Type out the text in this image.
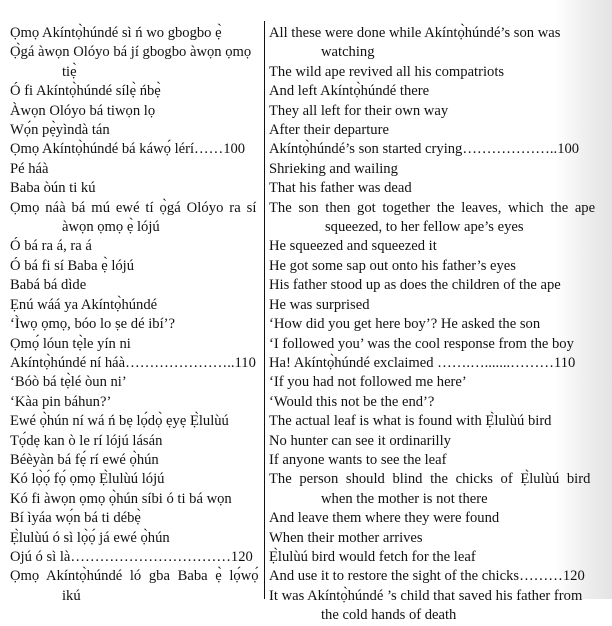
Ọmọ Akíntọ̀húndé sì ń wo gbogbo ẹ̀
Ọ̀gá àwọn Olóyo bá jí gbogbo àwọn ọmọ
tiẹ̀
Ó fi Akíntọ̀húndé sílẹ̀ ńbẹ̀
Àwọn Olóyo bá tiwọn lọ
Wọ́n pẹ̀yìndà tán
Ọmọ Akíntọ̀húndé bá káwọ́ lérí……100
Pé háà
Baba òún ti kú
Ọmọ náà bá mú ewé tí ọ̀gá Olóyo ra sí
àwọn ọmọ ẹ̀ lójú
Ó bá ra á, ra á
Ó bá fi sí Baba ẹ̀ lójú
Babá bá dìde
Ẹnú wáá ya Akíntọ̀húndé
‘Ìwọ ọmọ, bóo lo ṣe dé ibí’?
Ọmọ́ lóun tẹ̀le yín ni
Akíntọ̀húndé ní háà…………………..110
‘Bóò bá tẹ̀lé òun ni’
‘Kàa pin báhun?’
Ewé ọ̀hún ní wá ń bẹ lọ́dọ̀ ẹyẹ Ẹ̀lulùú
Tọ́dẹ kan ò le rí lójú lásán
Béèyàn bá fẹ́ rí ewé ọ̀hún
Kó lọ̀ọ́ fọ́ ọmọ Ẹ̀lulùú lójú
Kó fi àwọn ọmọ ọ̀hún síbi ó ti bá wọn
Bí ìyáa wọ́n bá ti débẹ̀
Ẹ̀lulùú ó sì lọ̀ọ́ já ewé ọ̀hún
Ojú ó sì là……………………………120
Ọmọ Akíntọ̀húndé ló gba Baba ẹ̀ lọ́wọ́
ikú
All these were done while Akíntọ̀húndé’s son was
watching
The wild ape revived all his compatriots
And left Akíntọ̀húndé there
They all left for their own way
After their departure
Akíntọ̀húndé’s son started crying………………..100
Shrieking and wailing
That his father was dead
The son then got together the leaves, which the ape
squeezed, to her fellow ape’s eyes
He squeezed and squeezed it
He got some sap out onto his father’s eyes
His father stood up as does the children of the ape
He was surprised
‘How did you get here boy’? He asked the son
‘I followed you’ was the cool response from the boy
Ha! Akíntọ̀húndé exclaimed …….….......………110
‘If you had not followed me here’
‘Would this not be the end’?
The actual leaf is what is found with Ẹ̀lulùú bird
No hunter can see it ordinarilly
If anyone wants to see the leaf
The person should blind the chicks of Ẹ̀lulùú bird
when the mother is not there
And leave them where they were found
When their mother arrives
Ẹ̀lulùú bird would fetch for the leaf
And use it to restore the sight of the chicks………120
It was Akíntọ̀húndé ’s child that saved his father from
the cold hands of death
